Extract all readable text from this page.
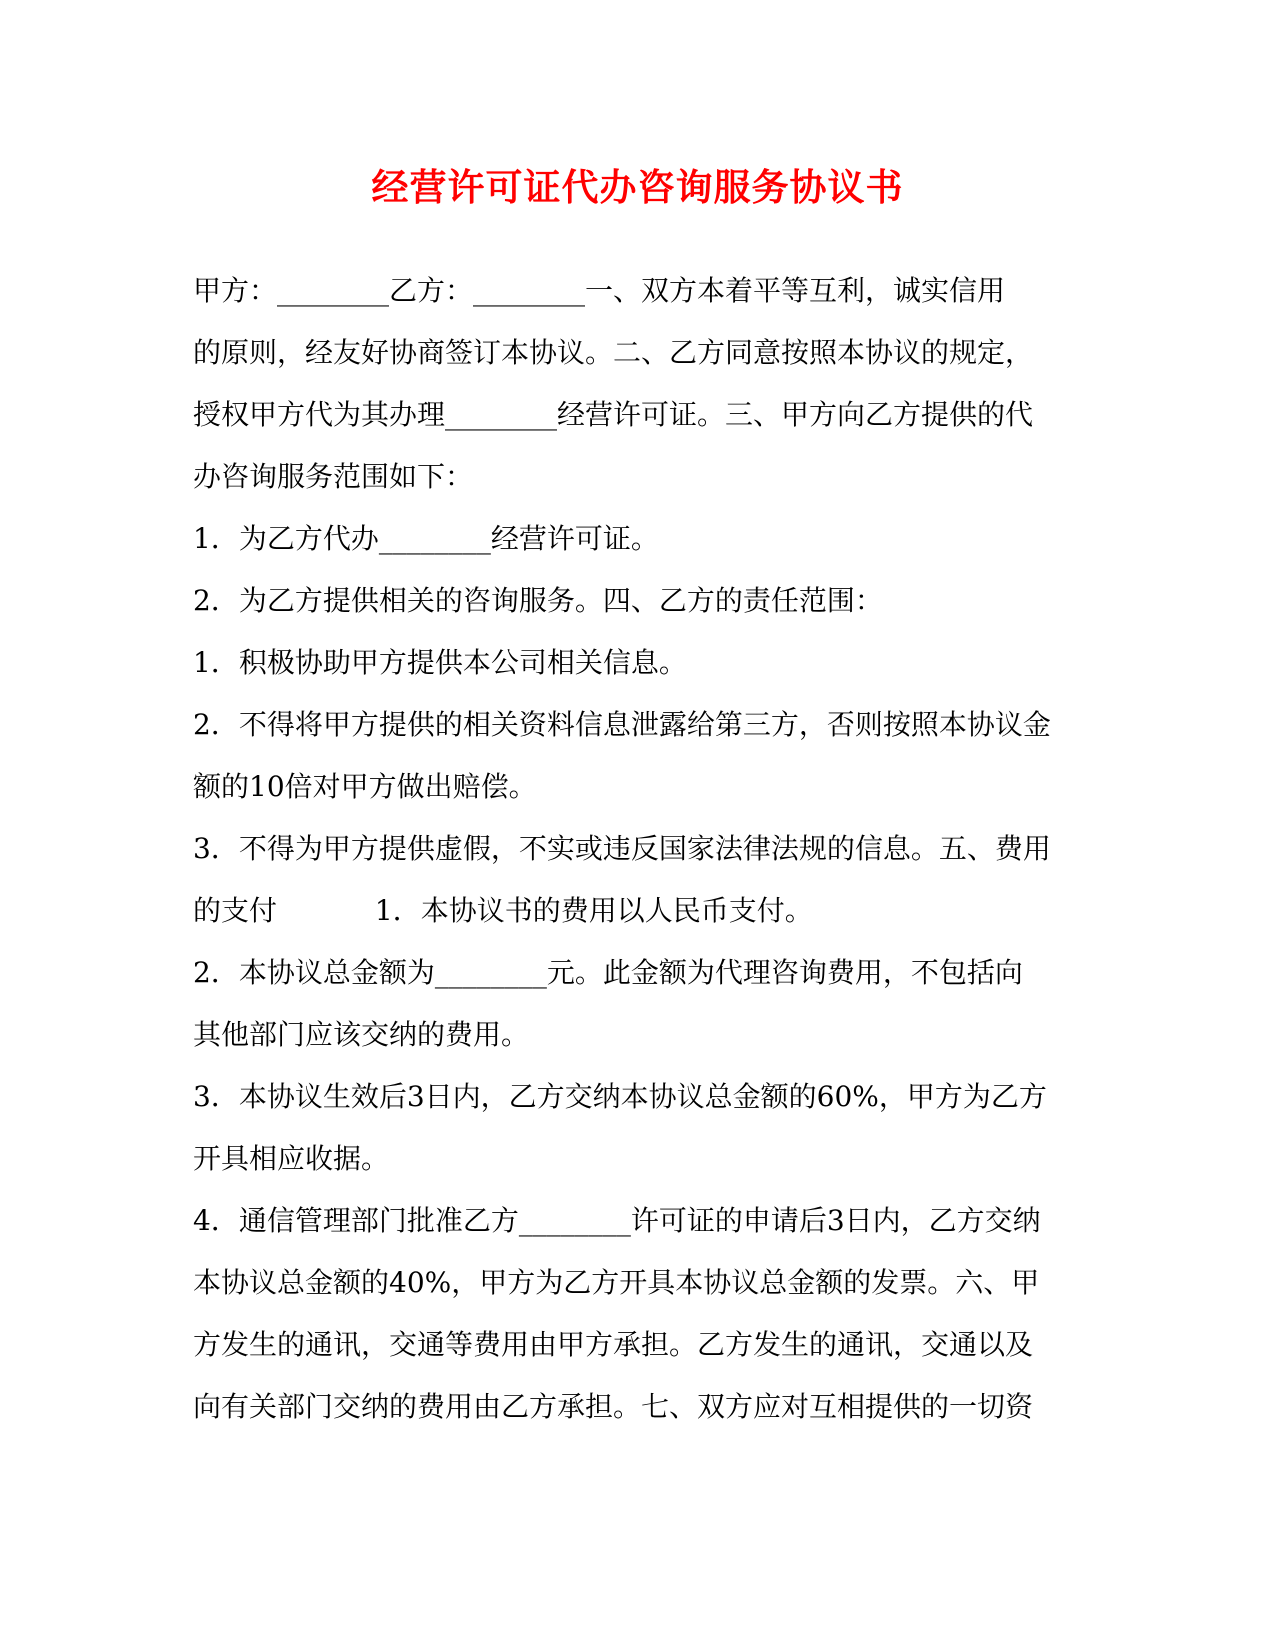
经营许可证代办咨询服务协议书
甲方：________乙方：________一、双方本着平等互利，诚实信用
的原则，经友好协商签订本协议。二、乙方同意按照本协议的规定，
授权甲方代为其办理________经营许可证。三、甲方向乙方提供的代
办咨询服务范围如下：
1．为乙方代办________经营许可证。
2．为乙方提供相关的咨询服务。四、乙方的责任范围：
1．积极协助甲方提供本公司相关信息。
2．不得将甲方提供的相关资料信息泄露给第三方，否则按照本协议金
额的10倍对甲方做出赔偿。
3．不得为甲方提供虚假，不实或违反国家法律法规的信息。五、费用
的支付           1．本协议书的费用以人民币支付。
2．本协议总金额为________元。此金额为代理咨询费用，不包括向
其他部门应该交纳的费用。
3．本协议生效后3日内，乙方交纳本协议总金额的60%，甲方为乙方
开具相应收据。
4．通信管理部门批准乙方________许可证的申请后3日内，乙方交纳
本协议总金额的40%，甲方为乙方开具本协议总金额的发票。六、甲
方发生的通讯，交通等费用由甲方承担。乙方发生的通讯，交通以及
向有关部门交纳的费用由乙方承担。七、双方应对互相提供的一切资
